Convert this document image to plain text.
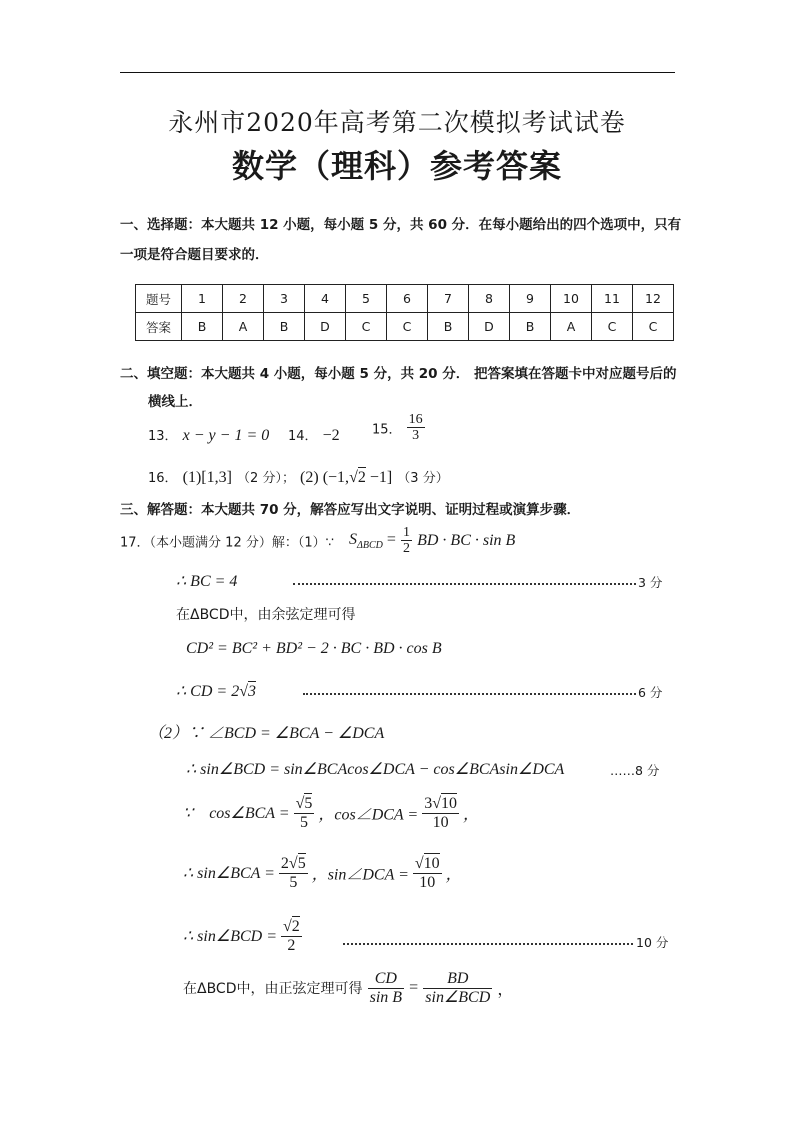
永州市2020年高考第二次模拟考试试卷
数学（理科）参考答案
一、选择题：本大题共 12 小题，每小题 5 分，共 60 分．在每小题给出的四个选项中，只有
一项是符合题目要求的．
题号	1	2	3	4	5	6	7	8	9	10	11	12
答案	B	A	B	D	C	C	B	D	B	A	C	C
二、填空题：本大题共 4 小题，每小题 5 分，共 20 分． 把答案填在答题卡中对应题号后的
横线上．
13． x − y − 1 = 0 14． −2 15． $\frac{16}{3}$
16． (1)[1,3] （2 分）； (2) (−1,√2 −1] （3 分）
三、解答题：本大题共 70 分，解答应写出文字说明、证明过程或演算步骤．
17．（本小题满分 12 分）解：（1）∵ $S_{\Delta BCD} = \frac{1}{2}$ BD · BC · sin B
∴ BC = 4	3 分
在ΔBCD中，由余弦定理可得
CD² = BC² + BD² − 2 · BC · BD · cos B
∴ CD = 2√3	6 分
（2）∵ ∠BCD = ∠BCA − ∠DCA
∴ sin∠BCD = sin∠BCAcos∠DCA − cos∠BCAsin∠DCA	……8 分
∵ cos∠BCA = $\frac{√5}{5}$ ，cos∠DCA = $\frac{3√10}{10}$ ，
∴ sin∠BCA = $\frac{2√5}{5}$ ，sin∠DCA = $\frac{√10}{10}$ ，
∴ sin∠BCD = $\frac{√2}{2}$	10 分
在ΔBCD中，由正弦定理可得 $\frac{CD}{\text{sin B}} = \frac{BD}{\text{sin∠BCD}}$ ，
